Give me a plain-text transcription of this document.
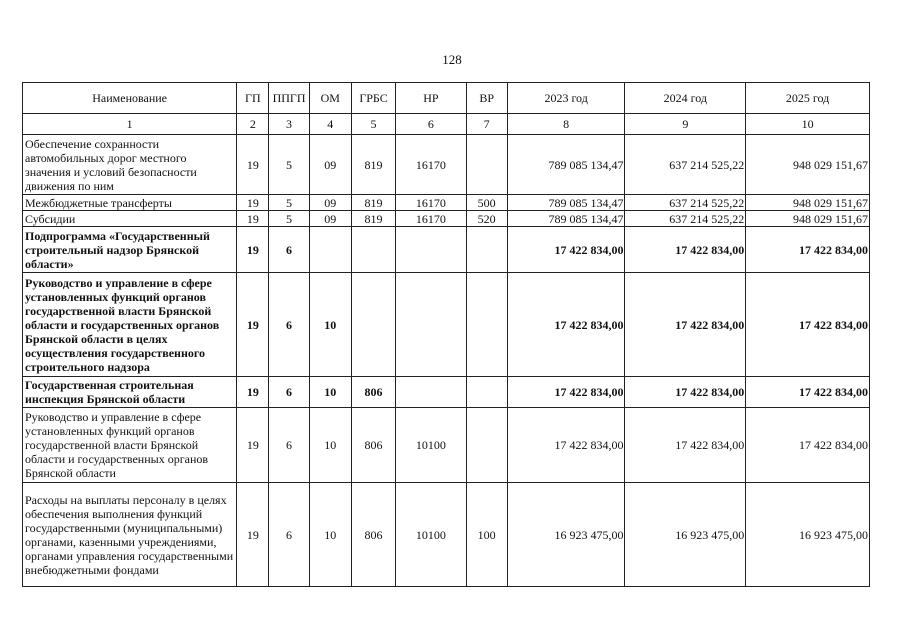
128
Наименование	ГП	ППГП	ОМ	ГРБС	НР	ВР	2023 год	2024 год	2025 год
1	2	3	4	5	6	7	8	9	10
Обеспечение сохранности автомобильных дорог местного значения и условий безопасности движения по ним	19	5	09	819	16170		789 085 134,47	637 214 525,22	948 029 151,67
Межбюджетные трансферты	19	5	09	819	16170	500	789 085 134,47	637 214 525,22	948 029 151,67
Субсидии	19	5	09	819	16170	520	789 085 134,47	637 214 525,22	948 029 151,67
Подпрограмма «Государственный строительный надзор Брянской области»	19	6					17 422 834,00	17 422 834,00	17 422 834,00
Руководство и управление в сфере установленных функций органов государственной власти Брянской области и государственных органов Брянской области в целях осуществления государственного строительного надзора	19	6	10				17 422 834,00	17 422 834,00	17 422 834,00
Государственная строительная инспекция Брянской области	19	6	10	806			17 422 834,00	17 422 834,00	17 422 834,00
Руководство и управление в сфере установленных функций органов государственной власти Брянской области и государственных органов Брянской области	19	6	10	806	10100		17 422 834,00	17 422 834,00	17 422 834,00
Расходы на выплаты персоналу в целях обеспечения выполнения функций государственными (муниципальными) органами, казенными учреждениями, органами управления государственными внебюджетными фондами	19	6	10	806	10100	100	16 923 475,00	16 923 475,00	16 923 475,00
